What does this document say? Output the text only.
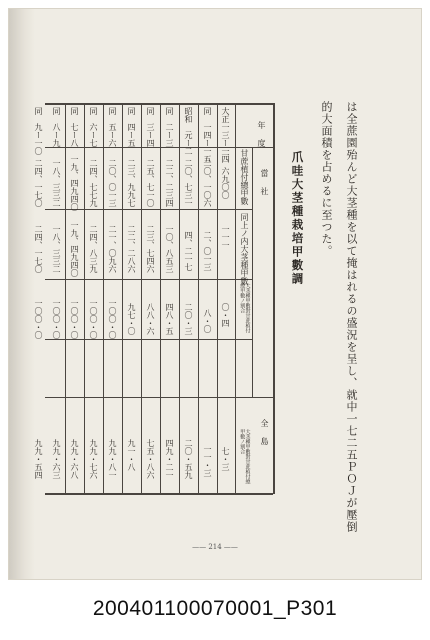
は全蔗園殆んど大茎種を以て掩はれるの盛況を呈し、就中一七二五ＰＯＪが壓倒
的大面積を占めるに至つた。
爪哇大茎種栽培甲數調
年　度
當　社
全　島
甘蔗植付總甲數
同上ノ内大茎種甲數
大茎種甲數對甘蔗植付總甲數ノ割合
大茎種甲數對甘蔗植付總甲數ノ割合
大正一三ー一四
一、六九〇〇
一一一
〇・四
七・三
同　一四ー一五
二〇、一〇六
二、〇一三
八・〇
一一・三
昭和　元ー二
二〇、七三一
四、二一七
二〇・三
二〇・五九
同　二ー三
二二、二三四
一〇、八五三
四八・五
四九・二一
同　三ー四
二五、七一〇
二三、七四六
八八・六
七五・八六
同　四ー五
二三、九九七
二二、二八六
九七・〇
九一・八
同　五ー六
二〇、〇一三
二一、〇九六
一〇〇・〇
九九・八一
同　六ー七
二四、七七九
二四、八三九
一〇〇・〇
九九・七六
同　七ー八
一九、四九四〇
一九、四九四〇
一〇〇・〇
九九・六八
同　八ー九
一八、三三二
一八、三三二
一〇〇・〇
九九・六三
同　九ー一〇
二四、一七〇
二四、一七〇
一〇〇・〇
九九・五四
—— 214 ——
200401100070001_P301
